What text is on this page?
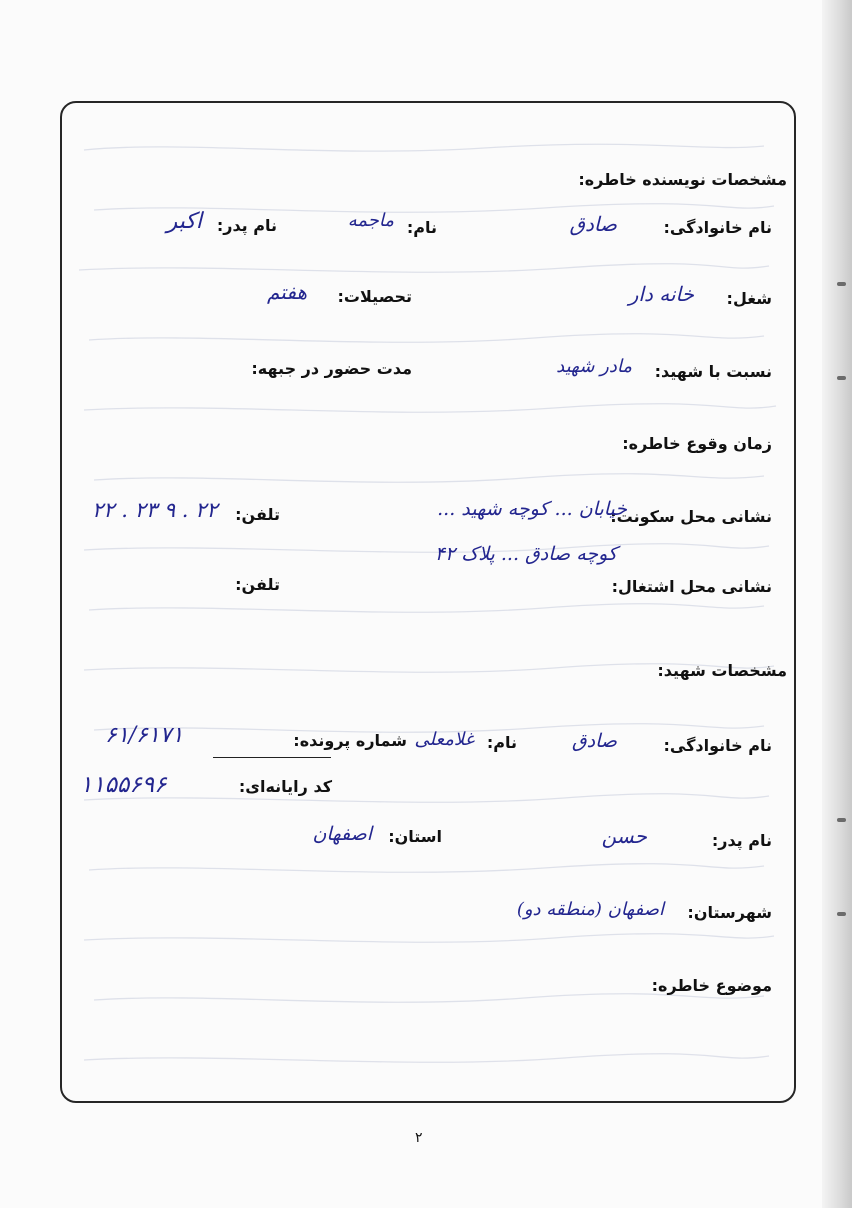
مشخصات نویسنده خاطره:
نام خانوادگی:
صادق
نام:
ماجمه
نام پدر:
اکبر
شغل:
خانه دار
تحصیلات:
هفتم
نسبت با شهید:
مادر شهید
مدت حضور در جبهه:
زمان وقوع خاطره:
نشانی محل سکونت:
خیابان ... کوچه شهید ...
کوچه صادق ... پلاک ۴۲
تلفن:
۲۲ . ۲۳ ۹ . ۲۲
نشانی محل اشتغال:
تلفن:
مشخصات شهید:
نام خانوادگی:
صادق
نام:
غلامعلی
شماره پرونده:
۶۱/۶۱۷۱
کد رایانه‌ای:
۱۱۵۵۶۹۶
نام پدر:
حسن
استان:
اصفهان
شهرستان:
اصفهان (منطقه دو)
موضوع خاطره:
۲
